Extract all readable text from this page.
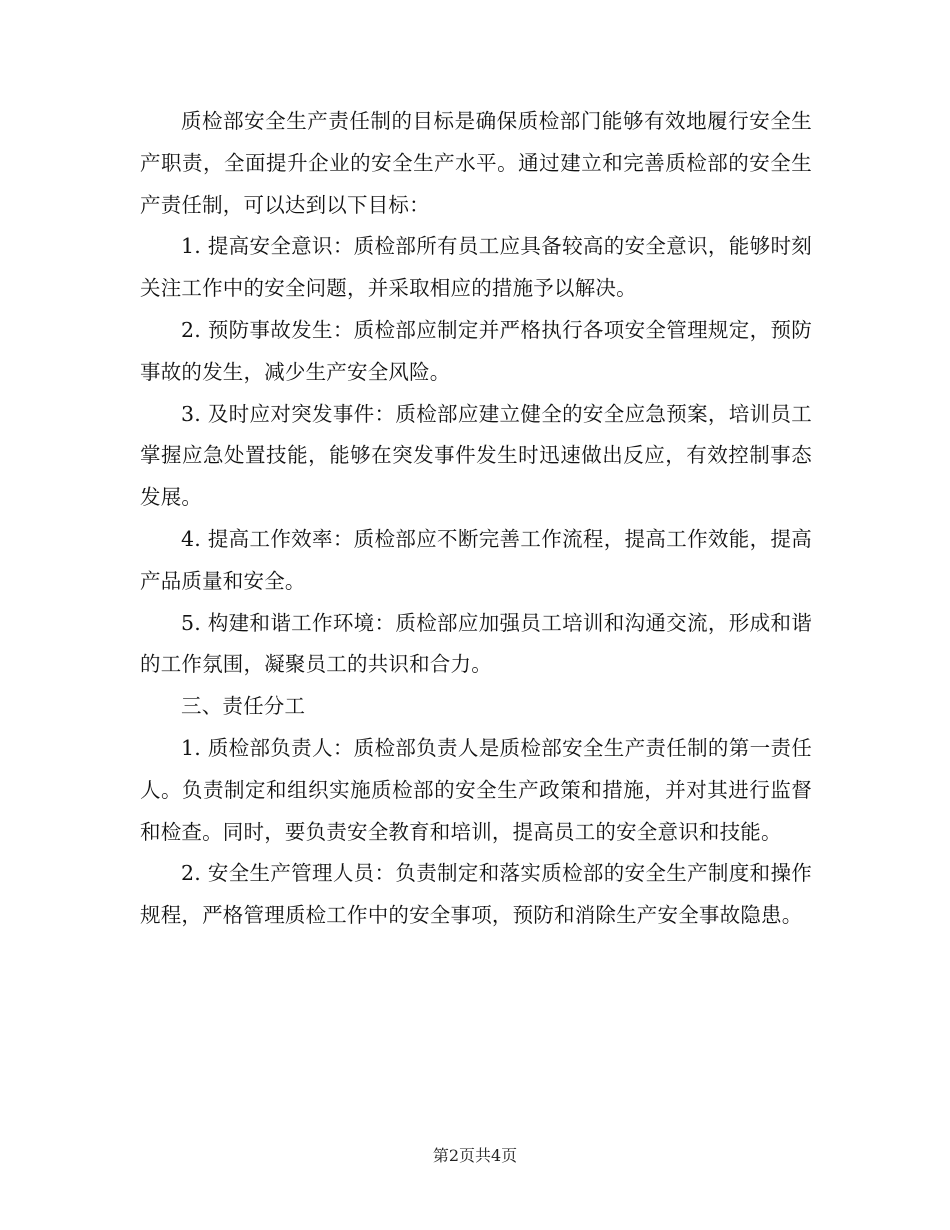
质检部安全生产责任制的目标是确保质检部门能够有效地履行安全生产职责，全面提升企业的安全生产水平。通过建立和完善质检部的安全生产责任制，可以达到以下目标：

1. 提高安全意识：质检部所有员工应具备较高的安全意识，能够时刻关注工作中的安全问题，并采取相应的措施予以解决。

2. 预防事故发生：质检部应制定并严格执行各项安全管理规定，预防事故的发生，减少生产安全风险。

3. 及时应对突发事件：质检部应建立健全的安全应急预案，培训员工掌握应急处置技能，能够在突发事件发生时迅速做出反应，有效控制事态发展。

4. 提高工作效率：质检部应不断完善工作流程，提高工作效能，提高产品质量和安全。

5. 构建和谐工作环境：质检部应加强员工培训和沟通交流，形成和谐的工作氛围，凝聚员工的共识和合力。

三、责任分工

1. 质检部负责人：质检部负责人是质检部安全生产责任制的第一责任人。负责制定和组织实施质检部的安全生产政策和措施，并对其进行监督和检查。同时，要负责安全教育和培训，提高员工的安全意识和技能。

2. 安全生产管理人员：负责制定和落实质检部的安全生产制度和操作规程，严格管理质检工作中的安全事项，预防和消除生产安全事故隐患。

第2页共4页
